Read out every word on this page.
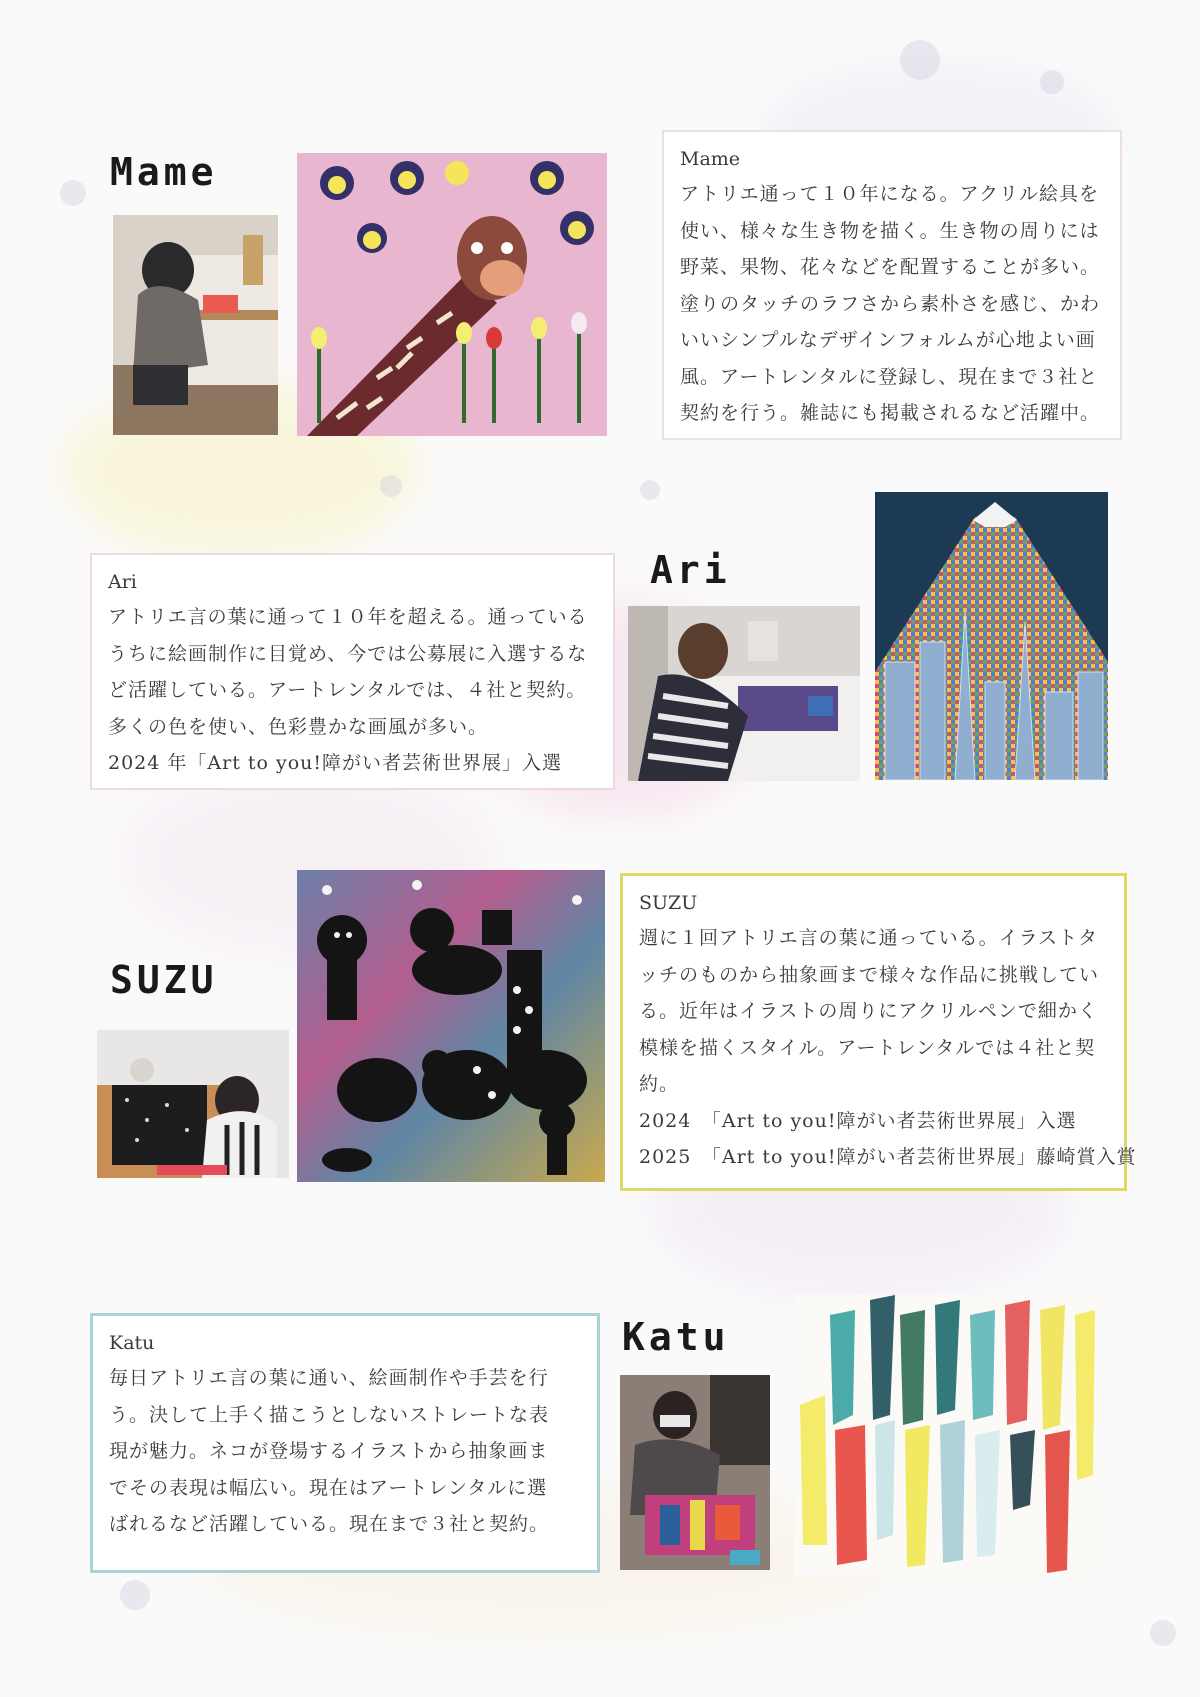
Mame	Mame
アトリエ通って１０年になる。アクリル絵具を
使い、様々な生き物を描く。生き物の周りには
野菜、果物、花々などを配置することが多い。
塗りのタッチのラフさから素朴さを感じ、かわ
いいシンプルなデザインフォルムが心地よい画
風。アートレンタルに登録し、現在まで３社と
契約を行う。雑誌にも掲載されるなど活躍中。
Ari
アトリエ言の葉に通って１０年を超える。通っている
うちに絵画制作に目覚め、今では公募展に入選するな
ど活躍している。アートレンタルでは、４社と契約。
多くの色を使い、色彩豊かな画風が多い。
2024 年「Art to you!障がい者芸術世界展」入選
Ari
SUZU
SUZU
週に１回アトリエ言の葉に通っている。イラストタ
ッチのものから抽象画まで様々な作品に挑戦してい
る。近年はイラストの周りにアクリルペンで細かく
模様を描くスタイル。アートレンタルでは４社と契
約。
2024　「Art to you!障がい者芸術世界展」入選
2025　「Art to you!障がい者芸術世界展」藤崎賞入賞
Katu
毎日アトリエ言の葉に通い、絵画制作や手芸を行
う。決して上手く描こうとしないストレートな表
現が魅力。ネコが登場するイラストから抽象画ま
でその表現は幅広い。現在はアートレンタルに選
ばれるなど活躍している。現在まで３社と契約。
Katu
